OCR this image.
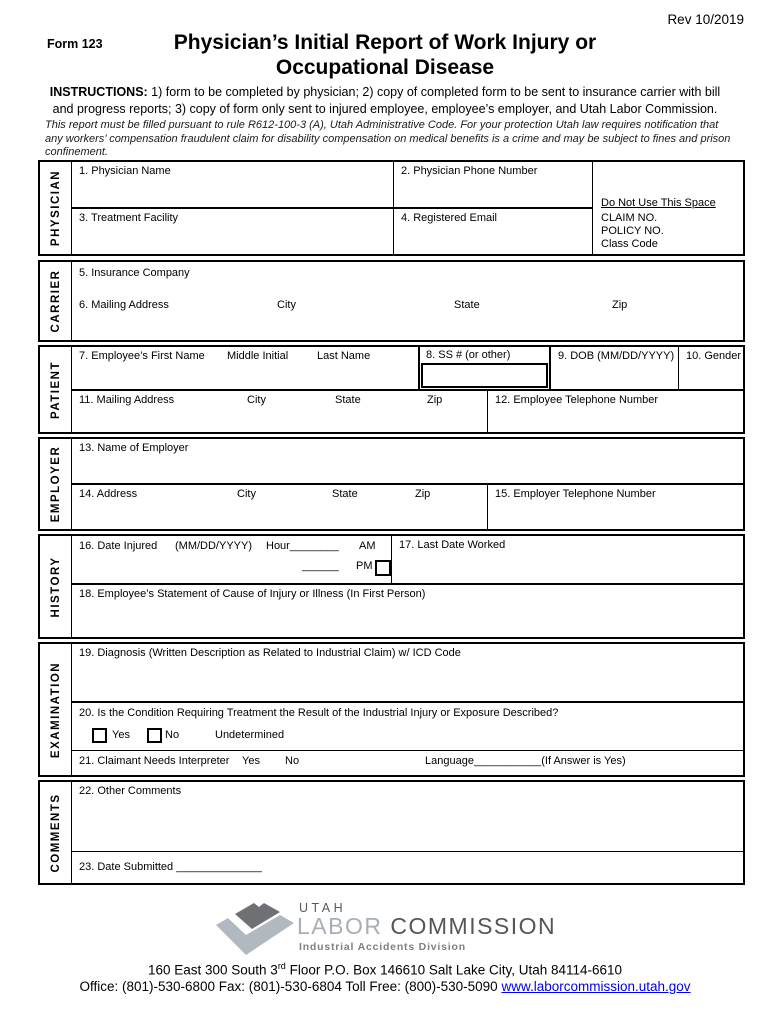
Rev 10/2019
Form 123	Physician’s Initial Report of Work Injury or
Occupational Disease
INSTRUCTIONS: 1) form to be completed by physician; 2) copy of completed form to be sent to insurance carrier with bill and progress reports; 3) copy of form only sent to injured employee, employee’s employer, and Utah Labor Commission.
This report must be filled pursuant to rule R612-100-3 (A), Utah Administrative Code. For your protection Utah law requires notification that any workers’ compensation fraudulent claim for disability compensation on medical benefits is a crime and may be subject to fines and prison confinement.
PHYSICIAN 1. Physician Name	2. Physician Phone Number
3. Treatment Facility	4. Registered Email
Do Not Use This Space
CLAIM NO.
POLICY NO.
Class Code
CARRIER 5. Insurance Company
6. Mailing Address	City	State	Zip
PATIENT
7. Employee’s First Name Middle Initial	Last Name	8. SS # (or other)	9. DOB (MM/DD/YYYY) 10. Gender
11. Mailing Address	City	State	Zip	12. Employee Telephone Number
EMPLOYER 13. Name of Employer
14. Address	City	State	Zip	15. Employer Telephone Number
HISTORY
16. Date Injured (MM/DD/YYYY) Hour________ AM
______ PM
17. Last Date Worked
18. Employee’s Statement of Cause of Injury or Illness (In First Person)
EXAMINATION
19. Diagnosis (Written Description as Related to Industrial Claim) w/ ICD Code
20. Is the Condition Requiring Treatment the Result of the Industrial Injury or Exposure Described?
Yes	No	Undetermined
21. Claimant Needs Interpreter Yes No	Language___________(If Answer is Yes)
COMMENTS
22. Other Comments
23. Date Submitted ______________
UTAH
LABOR COMMISSION
Industrial Accidents Division
160 East 300 South 3rd Floor P.O. Box 146610 Salt Lake City, Utah 84114-6610
Office: (801)-530-6800 Fax: (801)-530-6804 Toll Free: (800)-530-5090 www.laborcommission.utah.gov
